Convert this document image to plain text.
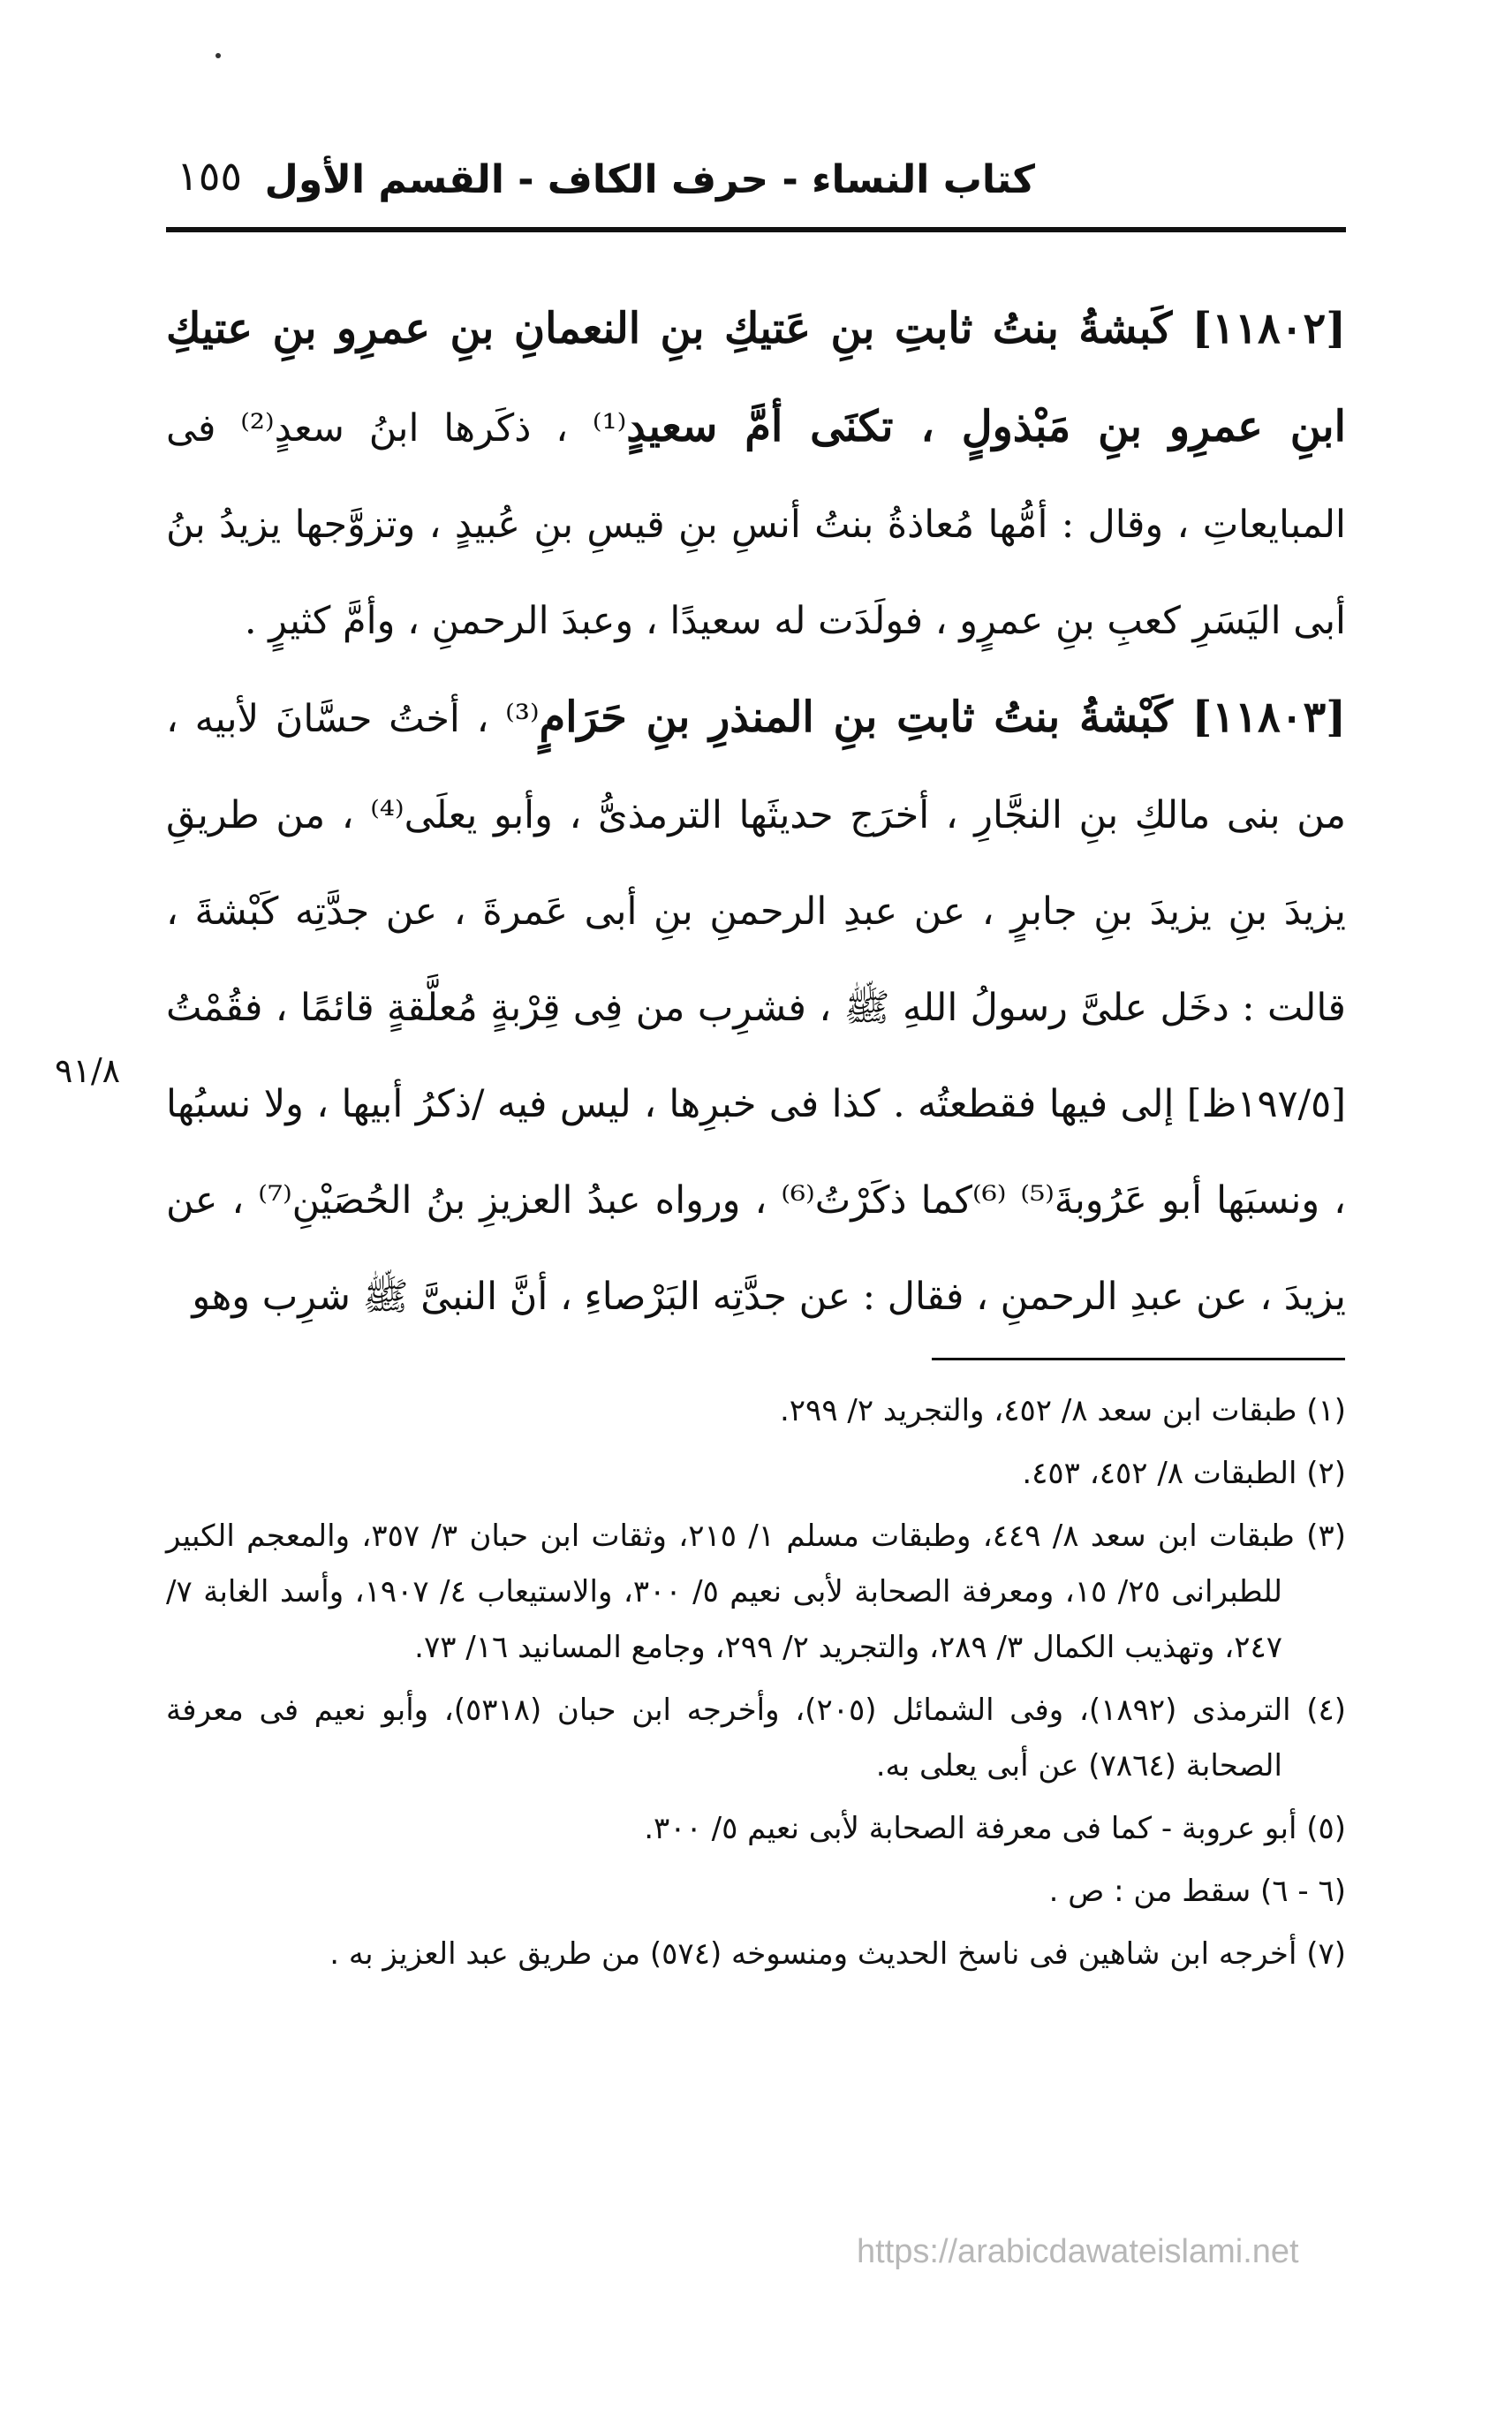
كتاب النساء - حرف الكاف - القسم الأول
١٥٥

[١١٨٠٢] كَبشةُ بنتُ ثابتِ بنِ عَتيكِ بنِ النعمانِ بنِ عمرِو بنِ عتيكِ ابنِ عمرِو بنِ مَبْذولٍ ، تكنَى أمَّ سعيدٍ⁽¹⁾ ، ذكَرها ابنُ سعدٍ⁽²⁾ فى المبايعاتِ ، وقال : أمُّها مُعاذةُ بنتُ أنسِ بنِ قيسِ بنِ عُبيدٍ ، وتزوَّجها يزيدُ بنُ أبى اليَسَرِ كعبِ بنِ عمرٍو ، فولَدَت له سعيدًا ، وعبدَ الرحمنِ ، وأمَّ كثيرٍ .

[١١٨٠٣] كَبْشةُ بنتُ ثابتِ بنِ المنذرِ بنِ حَرَامٍ⁽³⁾ ، أختُ حسَّانَ لأبيه ، من بنى مالكِ بنِ النجَّارِ ، أخرَج حديثَها الترمذىُّ ، وأبو يعلَى⁽⁴⁾ ، من طريقِ يزيدَ بنِ يزيدَ بنِ جابرٍ ، عن عبدِ الرحمنِ بنِ أبى عَمرةَ ، عن جدَّتِه كَبْشةَ ، قالت : دخَل علىَّ رسولُ اللهِ ﷺ ، فشرِب من فِى قِرْبةٍ مُعلَّقةٍ قائمًا ، فقُمْتُ [١٩٧/٥ظ] إلى فيها فقطعتُه . كذا فى خبرِها ، ليس فيه /ذكرُ أبيها ، ولا نسبُها ، ونسبَها أبو عَرُوبةَ⁽⁵⁾ ⁽⁶⁾كما ذكَرْتُ⁽⁶⁾ ، ورواه عبدُ العزيزِ بنُ الحُصَيْنِ⁽⁷⁾ ، عن يزيدَ ، عن عبدِ الرحمنِ ، فقال : عن جدَّتِه البَرْصاءِ ، أنَّ النبىَّ ﷺ شرِب وهو

٩١/٨

(١) طبقات ابن سعد ٨/ ٤٥٢، والتجريد ٢/ ٢٩٩.

(٢) الطبقات ٨/ ٤٥٢، ٤٥٣.

(٣) طبقات ابن سعد ٨/ ٤٤٩، وطبقات مسلم ١/ ٢١٥، وثقات ابن حبان ٣/ ٣٥٧، والمعجم الكبير للطبرانى ٢٥/ ١٥، ومعرفة الصحابة لأبى نعيم ٥/ ٣٠٠، والاستيعاب ٤/ ١٩٠٧، وأسد الغابة ٧/ ٢٤٧، وتهذيب الكمال ٣/ ٢٨٩، والتجريد ٢/ ٢٩٩، وجامع المسانيد ١٦/ ٧٣.

(٤) الترمذى (١٨٩٢)، وفى الشمائل (٢٠٥)، وأخرجه ابن حبان (٥٣١٨)، وأبو نعيم فى معرفة الصحابة (٧٨٦٤) عن أبى يعلى به.

(٥) أبو عروبة - كما فى معرفة الصحابة لأبى نعيم ٥/ ٣٠٠.

(٦ - ٦) سقط من : ص .

(٧) أخرجه ابن شاهين فى ناسخ الحديث ومنسوخه (٥٧٤) من طريق عبد العزيز به .

https://arabicdawateislami.net
